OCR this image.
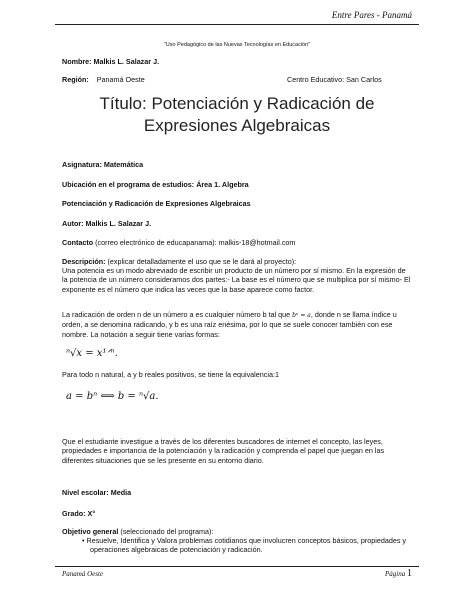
Entre Pares - Panamá
"Uso Pedagógico de las Nuevas Tecnologías en Educación"
Nombre: Malkis L. Salazar J.
Región: Panamá Oeste	Centro Educativo: San Carlos
Título: Potenciación y Radicación de
Expresiones Algebraicas
Asignatura: Matemática
Ubicación en el programa de estudios: Área 1. Algebra
Potenciación y Radicación de Expresiones Algebraicas
Autor: Malkis L. Salazar J.
Contacto (correo electrónico de educapanama): malkis-18@hotmail.com
Descripción: (explicar detalladamente el uso que se le dará al proyecto):
Una potencia es un modo abreviado de escribir un producto de un número por sí mismo. En la expresión de la potencia de un número consideramos dos partes:- La base es el número que se multiplica por sí mismo- El exponente es el número que indica las veces que la base aparece como factor.
La radicación de orden n de un número a es cualquier número b tal que bⁿ = a, donde n se llama índice u orden, a se denomina radicando, y b es una raíz enésima, por lo que se suele conocer también con ese nombre. La notación a seguir tiene varias formas:
ⁿ√x = x¹ᐟⁿ.
Para todo n natural, a y b reales positivos, se tiene la equivalencia:1
a = bⁿ ⟺ b = ⁿ√a.
Que el estudiante investigue a través de los diferentes buscadores de internet el concepto, las leyes, propiedades e importancia de la potenciación y la radicación y comprenda el papel que juegan en las diferentes situaciones que se les presente en su entorno diario.
Nivel escolar: Media
Grado: X°
Objetivo general (seleccionado del programa):
• Resuelve, Identifica y Valora problemas cotidianos que involucren conceptos básicos, propiedades y operaciones algebraicas de potenciación y radicación.
Panamá Oeste	Página 1
